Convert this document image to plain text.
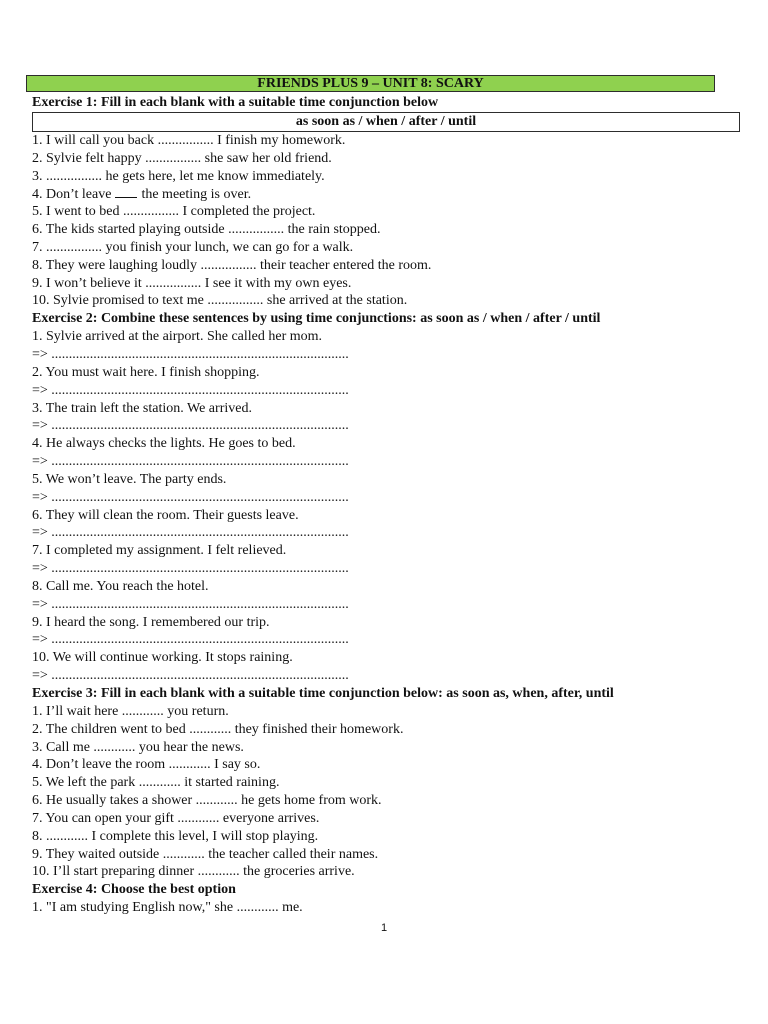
FRIENDS PLUS 9 – UNIT 8: SCARY
Exercise 1: Fill in each blank with a suitable time conjunction below
as soon as / when / after / until
1. I will call you back ................ I finish my homework.
2. Sylvie felt happy ................ she saw her old friend.
3. ................ he gets here, let me know immediately.
4. Don’t leave the meeting is over.
5. I went to bed ................ I completed the project.
6. The kids started playing outside ................ the rain stopped.
7. ................ you finish your lunch, we can go for a walk.
8. They were laughing loudly ................ their teacher entered the room.
9. I won’t believe it ................ I see it with my own eyes.
10. Sylvie promised to text me ................ she arrived at the station.
Exercise 2: Combine these sentences by using time conjunctions: as soon as / when / after / until
1. Sylvie arrived at the airport. She called her mom.
=> .....................................................................................
2. You must wait here. I finish shopping.
=> .....................................................................................
3. The train left the station. We arrived.
=> .....................................................................................
4. He always checks the lights. He goes to bed.
=> .....................................................................................
5. We won’t leave. The party ends.
=> .....................................................................................
6. They will clean the room. Their guests leave.
=> .....................................................................................
7. I completed my assignment. I felt relieved.
=> .....................................................................................
8. Call me. You reach the hotel.
=> .....................................................................................
9. I heard the song. I remembered our trip.
=> .....................................................................................
10. We will continue working. It stops raining.
=> .....................................................................................
Exercise 3: Fill in each blank with a suitable time conjunction below: as soon as, when, after, until
1. I’ll wait here ............ you return.
2. The children went to bed ............ they finished their homework.
3. Call me ............ you hear the news.
4. Don’t leave the room ............ I say so.
5. We left the park ............ it started raining.
6. He usually takes a shower ............ he gets home from work.
7. You can open your gift ............ everyone arrives.
8. ............ I complete this level, I will stop playing.
9. They waited outside ............ the teacher called their names.
10. I’ll start preparing dinner ............ the groceries arrive.
Exercise 4: Choose the best option
1. "I am studying English now," she ............ me.
1
